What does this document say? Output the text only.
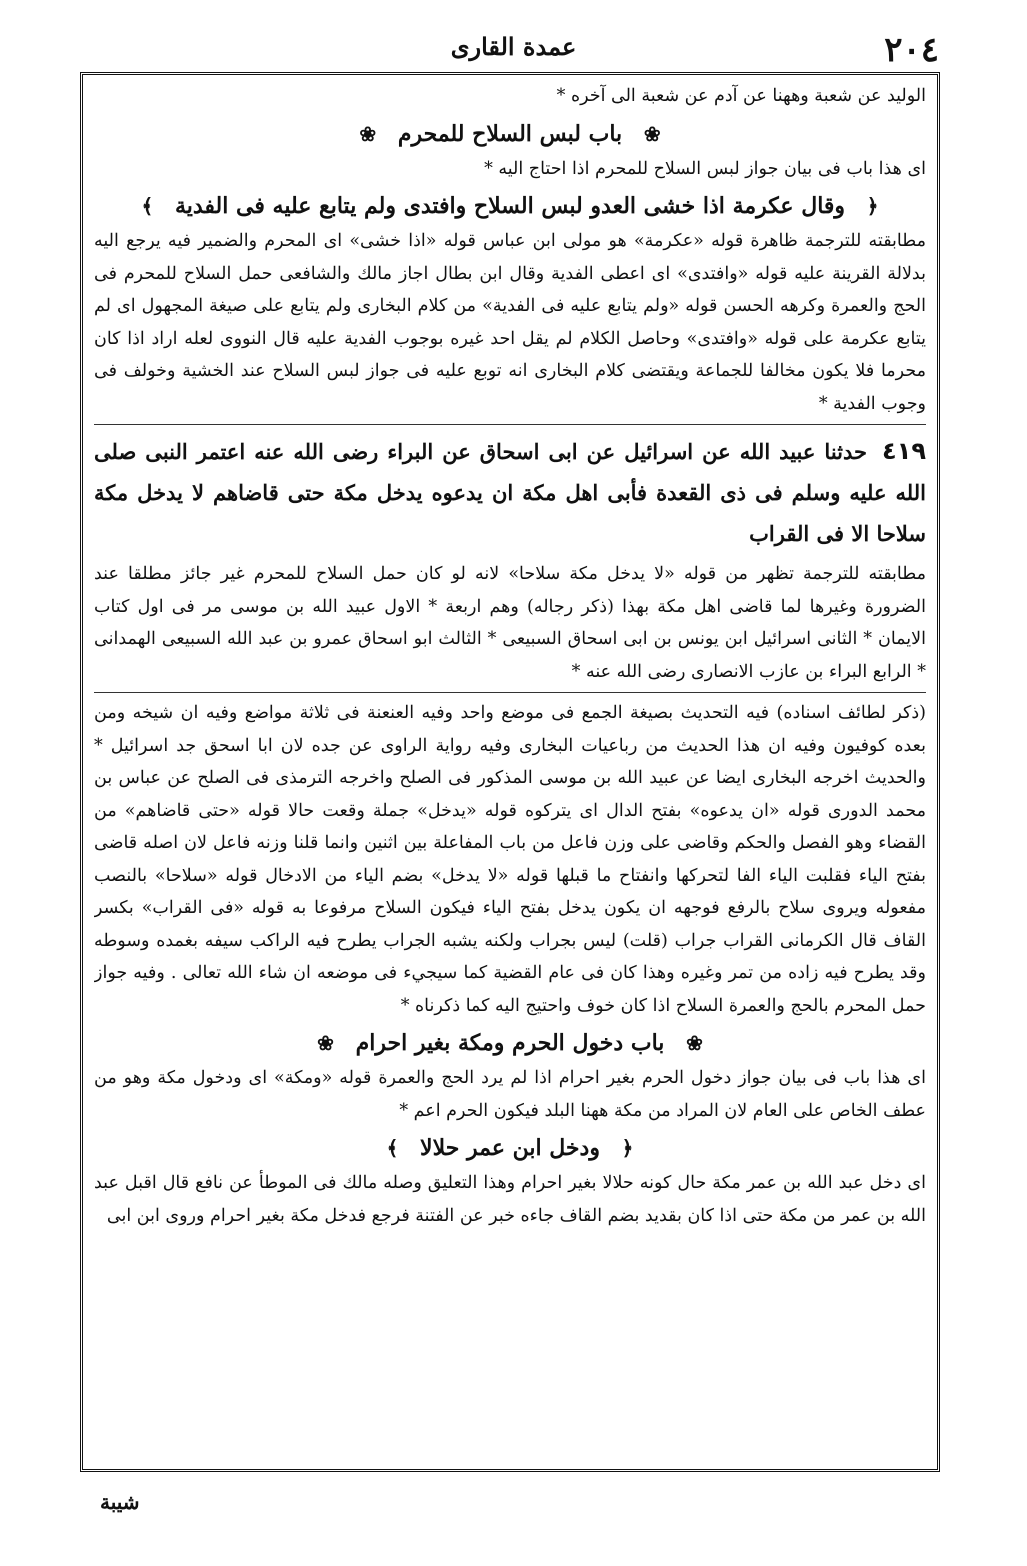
٢٠٤
عمدة القارى

الوليد عن شعبة وههنا عن آدم عن شعبة الى آخره *

❀ باب لبس السلاح للمحرم ❀

اى هذا باب فى بيان جواز لبس السلاح للمحرم اذا احتاج اليه *

﴿ وقال عكرمة اذا خشى العدو لبس السلاح وافتدى ولم يتابع عليه فى الفدية ﴾

مطابقته للترجمة ظاهرة قوله «عكرمة» هو مولى ابن عباس قوله «اذا خشى» اى المحرم والضمير فيه يرجع اليه بدلالة القرينة عليه قوله «وافتدى» اى اعطى الفدية وقال ابن بطال اجاز مالك والشافعى حمل السلاح للمحرم فى الحج والعمرة وكرهه الحسن قوله «ولم يتابع عليه فى الفدية» من كلام البخارى ولم يتابع على صيغة المجهول اى لم يتابع عكرمة على قوله «وافتدى» وحاصل الكلام لم يقل احد غيره بوجوب الفدية عليه قال النووى لعله اراد اذا كان محرما فلا يكون مخالفا للجماعة ويقتضى كلام البخارى انه توبع عليه فى جواز لبس السلاح عند الخشية وخولف فى وجوب الفدية *

٤١٩ حدثنا عبيد الله عن اسرائيل عن ابى اسحاق عن البراء رضى الله عنه اعتمر النبى صلى الله عليه وسلم فى ذى القعدة فأبى اهل مكة ان يدعوه يدخل مكة حتى قاضاهم لا يدخل مكة سلاحا الا فى القراب

مطابقته للترجمة تظهر من قوله «لا يدخل مكة سلاحا» لانه لو كان حمل السلاح للمحرم غير جائز مطلقا عند الضرورة وغيرها لما قاضى اهل مكة بهذا (ذكر رجاله) وهم اربعة * الاول عبيد الله بن موسى مر فى اول كتاب الايمان * الثانى اسرائيل ابن يونس بن ابى اسحاق السبيعى * الثالث ابو اسحاق عمرو بن عبد الله السبيعى الهمدانى * الرابع البراء بن عازب الانصارى رضى الله عنه *

(ذكر لطائف اسناده) فيه التحديث بصيغة الجمع فى موضع واحد وفيه العنعنة فى ثلاثة مواضع وفيه ان شيخه ومن بعده كوفيون وفيه ان هذا الحديث من رباعيات البخارى وفيه رواية الراوى عن جده لان ابا اسحق جد اسرائيل * والحديث اخرجه البخارى ايضا عن عبيد الله بن موسى المذكور فى الصلح واخرجه الترمذى فى الصلح عن عباس بن محمد الدورى قوله «ان يدعوه» بفتح الدال اى يتركوه قوله «يدخل» جملة وقعت حالا قوله «حتى قاضاهم» من القضاء وهو الفصل والحكم وقاضى على وزن فاعل من باب المفاعلة بين اثنين وانما قلنا وزنه فاعل لان اصله قاضى بفتح الياء فقلبت الياء الفا لتحركها وانفتاح ما قبلها قوله «لا يدخل» بضم الياء من الادخال قوله «سلاحا» بالنصب مفعوله ويروى سلاح بالرفع فوجهه ان يكون يدخل بفتح الياء فيكون السلاح مرفوعا به قوله «فى القراب» بكسر القاف قال الكرمانى القراب جراب (قلت) ليس بجراب ولكنه يشبه الجراب يطرح فيه الراكب سيفه بغمده وسوطه وقد يطرح فيه زاده من تمر وغيره وهذا كان فى عام القضية كما سيجيء فى موضعه ان شاء الله تعالى . وفيه جواز حمل المحرم بالحج والعمرة السلاح اذا كان خوف واحتيج اليه كما ذكرناه *

❀ باب دخول الحرم ومكة بغير احرام ❀

اى هذا باب فى بيان جواز دخول الحرم بغير احرام اذا لم يرد الحج والعمرة قوله «ومكة» اى ودخول مكة وهو من عطف الخاص على العام لان المراد من مكة ههنا البلد فيكون الحرم اعم *

﴿ ودخل ابن عمر حلالا ﴾

اى دخل عبد الله بن عمر مكة حال كونه حلالا بغير احرام وهذا التعليق وصله مالك فى الموطأ عن نافع قال اقبل عبد الله بن عمر من مكة حتى اذا كان بقديد بضم القاف جاءه خبر عن الفتنة فرجع فدخل مكة بغير احرام وروى ابن ابى

شيبة
